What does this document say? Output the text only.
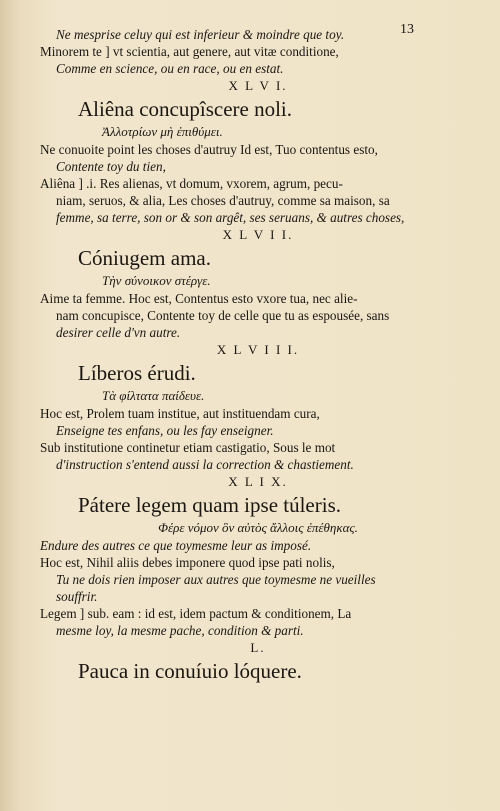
13
Ne mesprise celuy qui est inferieur & moindre que toy.
Minorem te ] vt scientia, aut genere, aut vitæ conditione,
Comme en science, ou en race, ou en estat.
X L V I.
Aliêna concupîscere noli.
Ἀλλοτρίων μὴ ἐπιθύμει.
Ne conuoite point les choses d'autruy Id est, Tuo contentus esto,
Contente toy du tien,
Aliêna ] .i. Res alienas, vt domum, vxorem, agrum, pecu-
niam, seruos, & alia, Les choses d'autruy, comme sa maison, sa
femme, sa terre, son or & son argêt, ses seruans, & autres choses,
X L V I I.
Cóniugem ama.
Τὴν σύνοικον στέργε.
Aime ta femme. Hoc est, Contentus esto vxore tua, nec alie-
nam concupisce, Contente toy de celle que tu as espousée, sans
desirer celle d'vn autre.
X L V I I I.
Líberos érudi.
Τὰ φίλτατα παίδευε.
Hoc est, Prolem tuam institue, aut instituendam cura,
Enseigne tes enfans, ou les fay enseigner.
Sub institutione continetur etiam castigatio, Sous le mot
d'instruction s'entend aussi la correction & chastiement.
X L I X.
Pátere legem quam ipse túleris.
Φέρε νόμον ὃν αὐτὸς ἄλλοις ἐπέθηκας.
Endure des autres ce que toymesme leur as imposé.
Hoc est, Nihil aliis debes imponere quod ipse pati nolis,
Tu ne dois rien imposer aux autres que toymesme ne vueilles
souffrir.
Legem ] sub. eam : id est, idem pactum & conditionem, La
mesme loy, la mesme pache, condition & parti.
L.
Pauca in conuíuio lóquere.
